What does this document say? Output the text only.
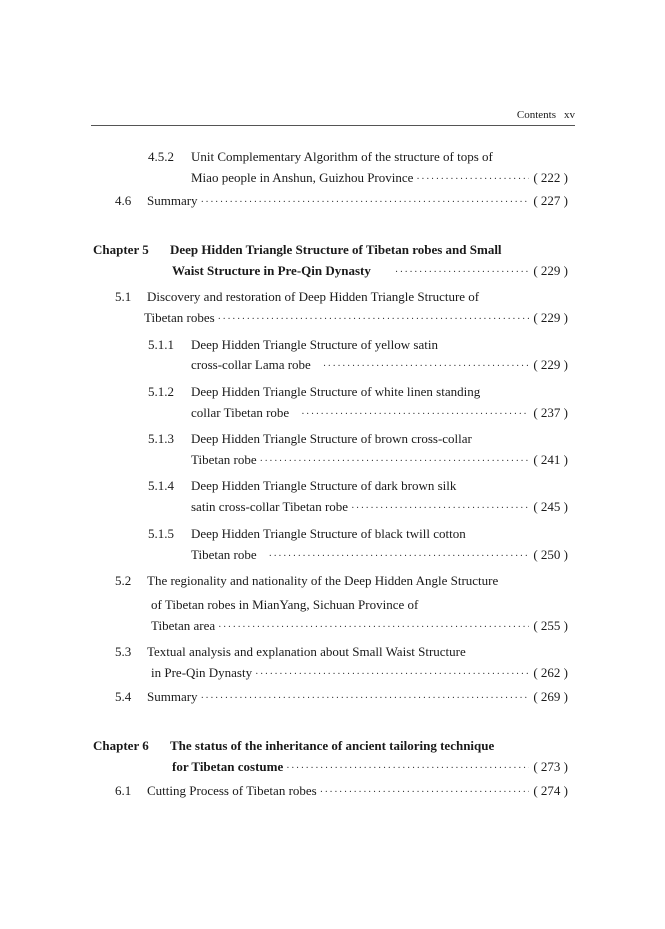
Contents xv
4.5.2 Unit Complementary Algorithm of the structure of tops of
Miao people in Anshun, Guizhou Province ·····	( 222 )
4.6	Summary ·····	( 227 )
Chapter 5 Deep Hidden Triangle Structure of Tibetan robes and Small
Waist Structure in Pre-Qin Dynasty ·····	( 229 )
5.1 Discovery and restoration of Deep Hidden Triangle Structure of
Tibetan robes ·····	( 229 )
5.1.1 Deep Hidden Triangle Structure of yellow satin
cross-collar Lama robe ·····	( 229 )
5.1.2 Deep Hidden Triangle Structure of white linen standing
collar Tibetan robe ·····	( 237 )
5.1.3 Deep Hidden Triangle Structure of brown cross-collar
Tibetan robe ·····	( 241 )
5.1.4 Deep Hidden Triangle Structure of dark brown silk
satin cross-collar Tibetan robe ·····	( 245 )
5.1.5 Deep Hidden Triangle Structure of black twill cotton
Tibetan robe ·····	( 250 )
5.2 The regionality and nationality of the Deep Hidden Angle Structure
of Tibetan robes in MianYang, Sichuan Province of
Tibetan area ·····	( 255 )
5.3 Textual analysis and explanation about Small Waist Structure
in Pre-Qin Dynasty ·····	( 262 )
5.4	Summary ·····	( 269 )
Chapter 6 The status of the inheritance of ancient tailoring technique
for Tibetan costume ·····	( 273 )
6.1	Cutting Process of Tibetan robes ·····	( 274 )
